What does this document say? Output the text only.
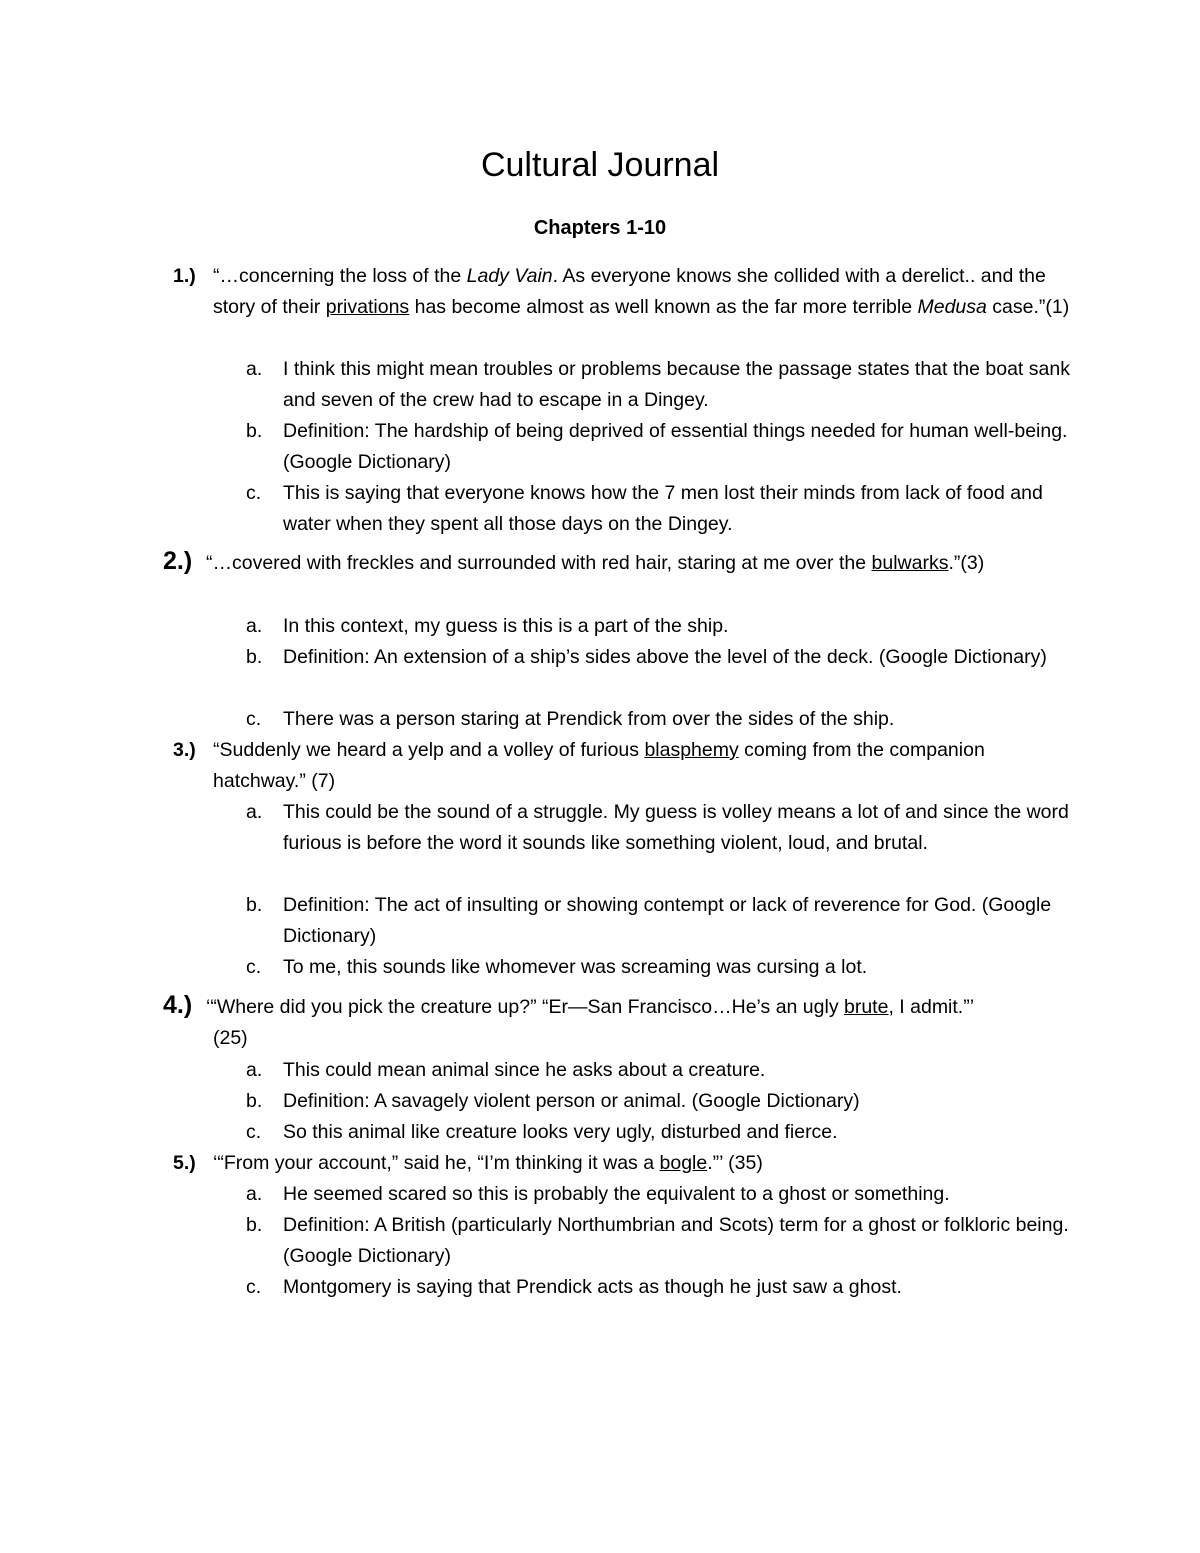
Cultural Journal
Chapters 1-10
1.) “…concerning the loss of the Lady Vain. As everyone knows she collided with a derelict.. and the story of their privations has become almost as well known as the far more terrible Medusa case.”(1)
a. I think this might mean troubles or problems because the passage states that the boat sank and seven of the crew had to escape in a Dingey.
b. Definition: The hardship of being deprived of essential things needed for human well-being. (Google Dictionary)
c. This is saying that everyone knows how the 7 men lost their minds from lack of food and water when they spent all those days on the Dingey.
2.) “…covered with freckles and surrounded with red hair, staring at me over the bulwarks.”(3)
a. In this context, my guess is this is a part of the ship.
b. Definition: An extension of a ship’s sides above the level of the deck. (Google Dictionary)
c. There was a person staring at Prendick from over the sides of the ship.
3.) “Suddenly we heard a yelp and a volley of furious blasphemy coming from the companion hatchway.” (7)
a. This could be the sound of a struggle. My guess is volley means a lot of and since the word furious is before the word it sounds like something violent, loud, and brutal.
b. Definition: The act of insulting or showing contempt or lack of reverence for God. (Google Dictionary)
c. To me, this sounds like whomever was screaming was cursing a lot.
4.) ‘“Where did you pick the creature up?” “Er—San Francisco…He’s an ugly brute, I admit.”’
(25)
a. This could mean animal since he asks about a creature.
b. Definition: A savagely violent person or animal. (Google Dictionary)
c. So this animal like creature looks very ugly, disturbed and fierce.
5.) ‘“From your account,” said he, “I’m thinking it was a bogle.”’ (35)
a. He seemed scared so this is probably the equivalent to a ghost or something.
b. Definition: A British (particularly Northumbrian and Scots) term for a ghost or folkloric being. (Google Dictionary)
c. Montgomery is saying that Prendick acts as though he just saw a ghost.
